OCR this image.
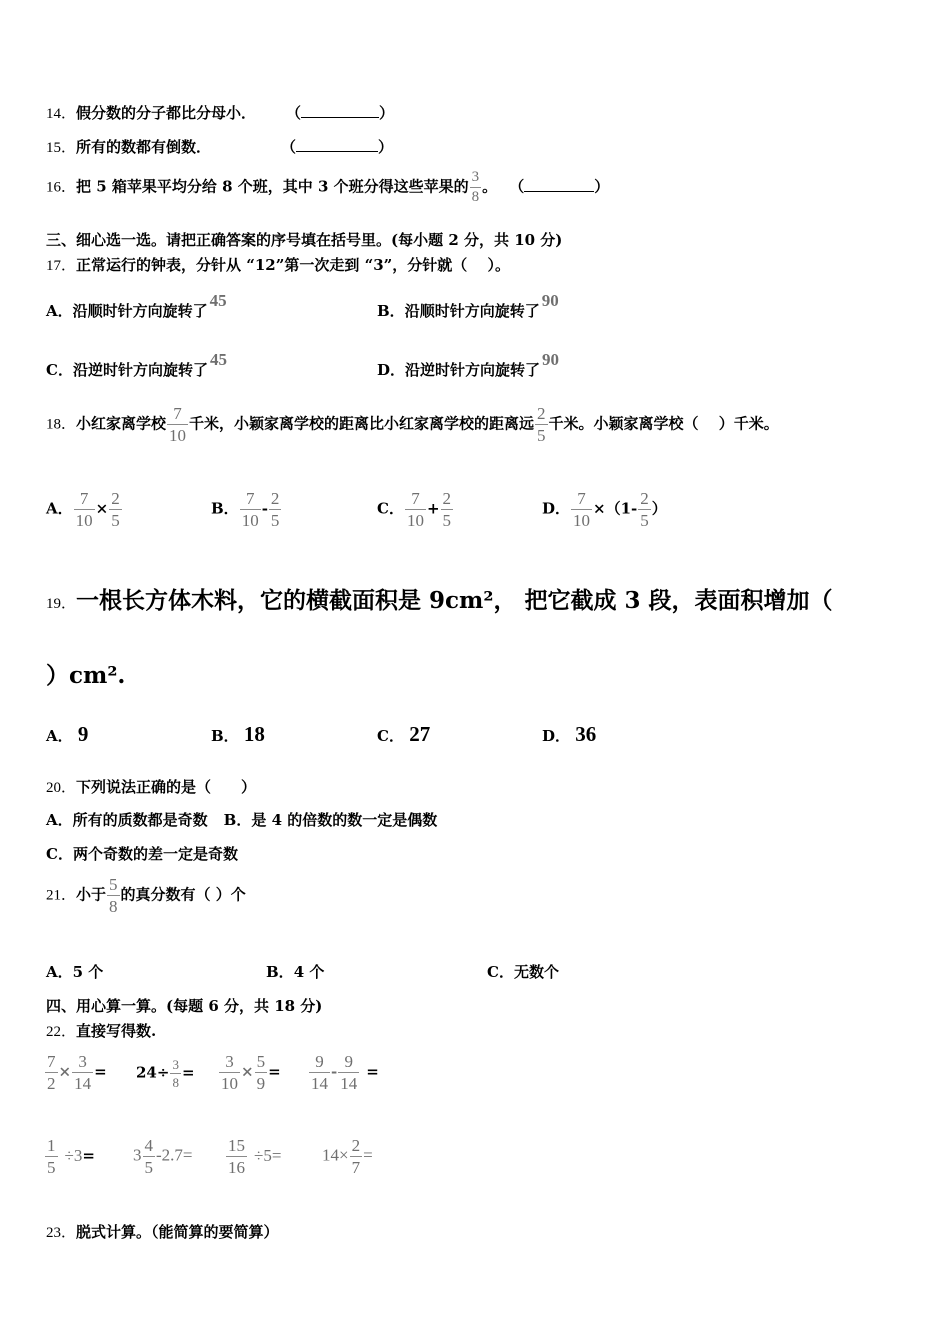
14．假分数的分子都比分母小． （	）
15．所有的数都有倒数．	（	）
16．把 5 箱苹果平均分给 8 个班，其中 3 个班分得这些苹果的 $\frac{3}{8}$ 。 （	）
三、细心选一选。请把正确答案的序号填在括号里。(每小题 2 分，共 10 分)
17．正常运行的钟表，分针从 “12”第一次走到 “3”，分针就（　 ）。
A．沿顺时针方向旋转了45
B．沿顺时针方向旋转了90
C．沿逆时针方向旋转了45
D．沿逆时针方向旋转了90
18．小红家离学校 $\frac{7}{10}$ 千米，小颖家离学校的距离比小红家离学校的距离远 $\frac{2}{5}$ 千米。小颖家离学校（　 ）千米。
A． $\frac{7}{10} \times \frac{2}{5}$	B． $\frac{7}{10} - \frac{2}{5}$	C． $\frac{7}{10} + \frac{2}{5}$	D． $\frac{7}{10} \times(1- \frac{2}{5}$ ）
19．一根长方体木料，它的横截面积是 9cm²， 把它截成 3 段，表面积增加（
）cm².
A． 9	B． 18	C． 27	D． 36
20．下列说法正确的是（　　）
A．所有的质数都是奇数 B．是 4 的倍数的数一定是偶数
C．两个奇数的差一定是奇数
21．小于 $\frac{5}{8}$ 的真分数有（ ）个
A．5 个	B．4 个	C．无数个
四、用心算一算。(每题 6 分，共 18 分)
22．直接写得数.
$\frac{7}{2} \times \frac{3}{14} = 24\div \frac{3}{8} = \frac{3}{10} \times \frac{5}{9} = \frac{9}{14} - \frac{9}{14}$ =
$\frac{1}{5} \div 3= 3 \frac{4}{5} -2.7= \frac{15}{16} \div 5= 14\times \frac{2}{7}$ =
23．脱式计算。（能简算的要简算）
